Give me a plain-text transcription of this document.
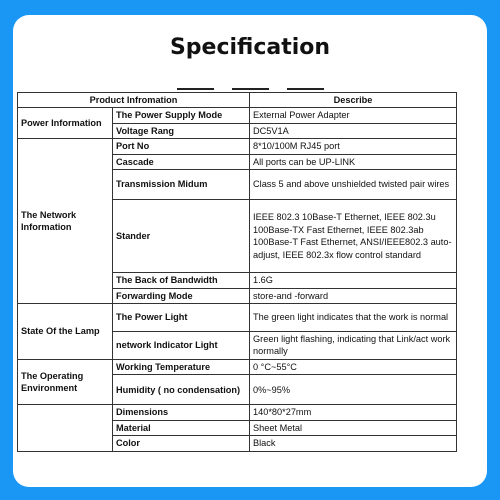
Specification
Product Infromation		Describe
Power Information	The Power Supply Mode	External Power Adapter
	Voltage Rang	DC5V1A
The Network Information	Port No	8*10/100M RJ45 port
	Cascade	All ports can be UP-LINK
	Transmission Midum	Class 5 and above unshielded twisted pair wires
	Stander	IEEE 802.3 10Base-T Ethernet, IEEE 802.3u 100Base-TX Fast Ethernet, IEEE 802.3ab 100Base-T Fast Ethernet, ANSI/IEEE802.3 auto-adjust, IEEE 802.3x flow control standard
	The Back of Bandwidth	1.6G
	Forwarding Mode	store-and -forward
State Of the Lamp	The Power Light	The green light indicates that the work is normal
	network Indicator Light	Green light flashing, indicating that Link/act work normally
The Operating Environment	Working Temperature	0 °C~55°C
	Humidity ( no condensation)	0%~95%
	Dimensions	140*80*27mm
	Material	Sheet Metal
	Color	Black
